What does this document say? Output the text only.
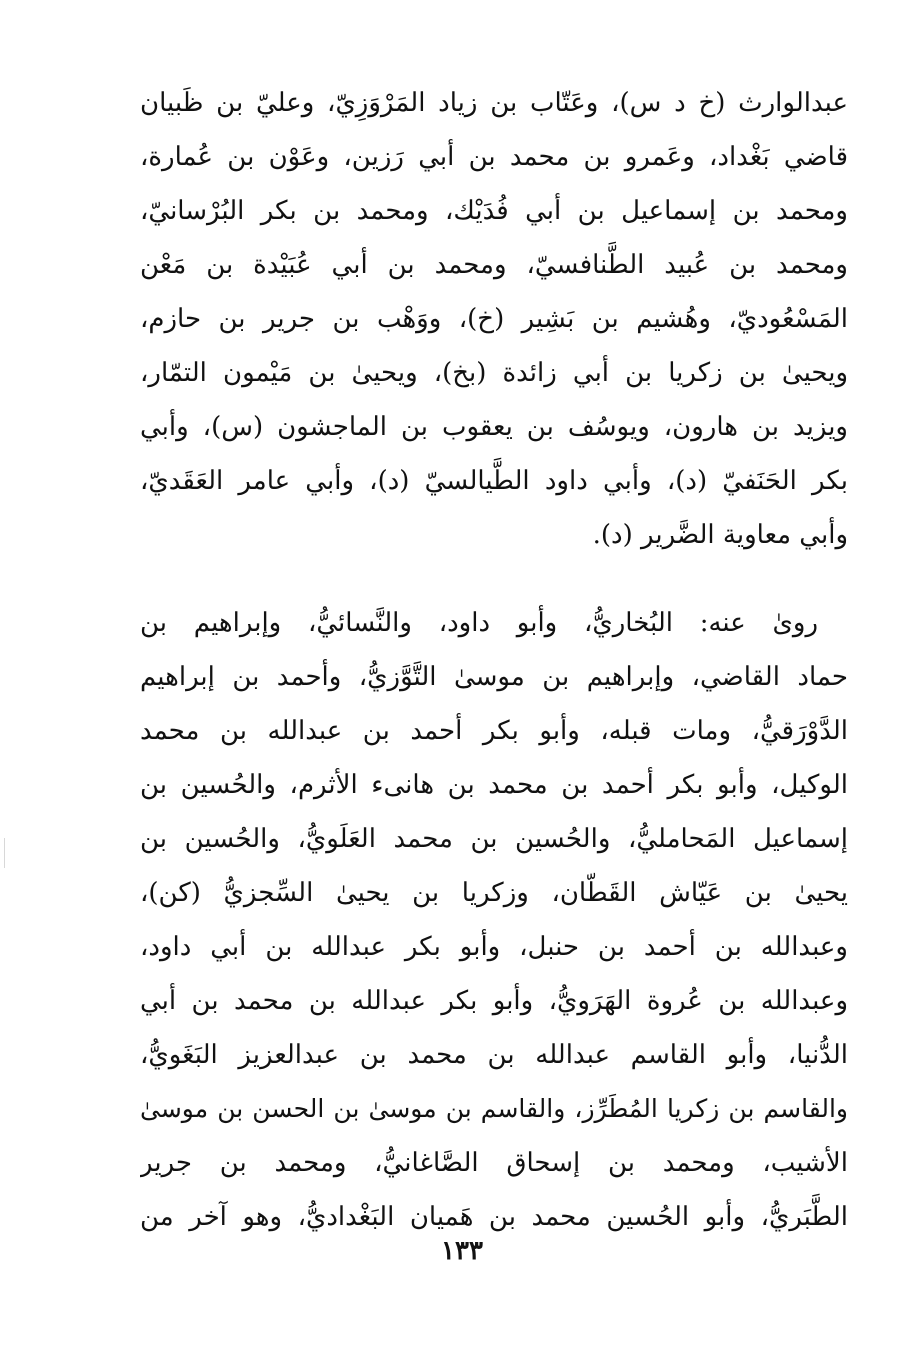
عبدالوارث (خ د س)، وعَتّاب بن زياد المَرْوَزِيّ، وعليّ بن ظَبيان
قاضي بَغْداد، وعَمرو بن محمد بن أبي رَزين، وعَوْن بن عُمارة،
ومحمد بن إسماعيل بن أبي فُدَيْك، ومحمد بن بكر البُرْسانيّ،
ومحمد بن عُبيد الطَّنافسيّ، ومحمد بن أبي عُبَيْدة بن مَعْن
المَسْعُوديّ، وهُشيم بن بَشِير (خ)، ووَهْب بن جرير بن حازم،
ويحيىٰ بن زكريا بن أبي زائدة (بخ)، ويحيىٰ بن مَيْمون التمّار،
ويزيد بن هارون، ويوسُف بن يعقوب بن الماجشون (س)، وأبي
بكر الحَنَفيّ (د)، وأبي داود الطَّيالسيّ (د)، وأبي عامر العَقَديّ،
وأبي معاوية الضَّرير (د).
روىٰ عنه: البُخاريُّ، وأبو داود، والنَّسائيُّ، وإبراهيم بن
حماد القاضي، وإبراهيم بن موسىٰ التَّوَّزيُّ، وأحمد بن إبراهيم
الدَّوْرَقيُّ، ومات قبله، وأبو بكر أحمد بن عبدالله بن محمد
الوكيل، وأبو بكر أحمد بن محمد بن هانىء الأثرم، والحُسين بن
إسماعيل المَحامليُّ، والحُسين بن محمد العَلَويُّ، والحُسين بن
يحيىٰ بن عَيّاش القَطّان، وزكريا بن يحيىٰ السِّجزيُّ (كن)،
وعبدالله بن أحمد بن حنبل، وأبو بكر عبدالله بن أبي داود،
وعبدالله بن عُروة الهَرَويُّ، وأبو بكر عبدالله بن محمد بن أبي
الدُّنيا، وأبو القاسم عبدالله بن محمد بن عبدالعزيز البَغَويُّ،
والقاسم بن زكريا المُطَرِّز، والقاسم بن موسىٰ بن الحسن بن موسىٰ
الأشيب، ومحمد بن إسحاق الصَّاغانيُّ، ومحمد بن جرير
الطَّبَريُّ، وأبو الحُسين محمد بن هَميان البَغْداديُّ، وهو آخر من
١٣٣
